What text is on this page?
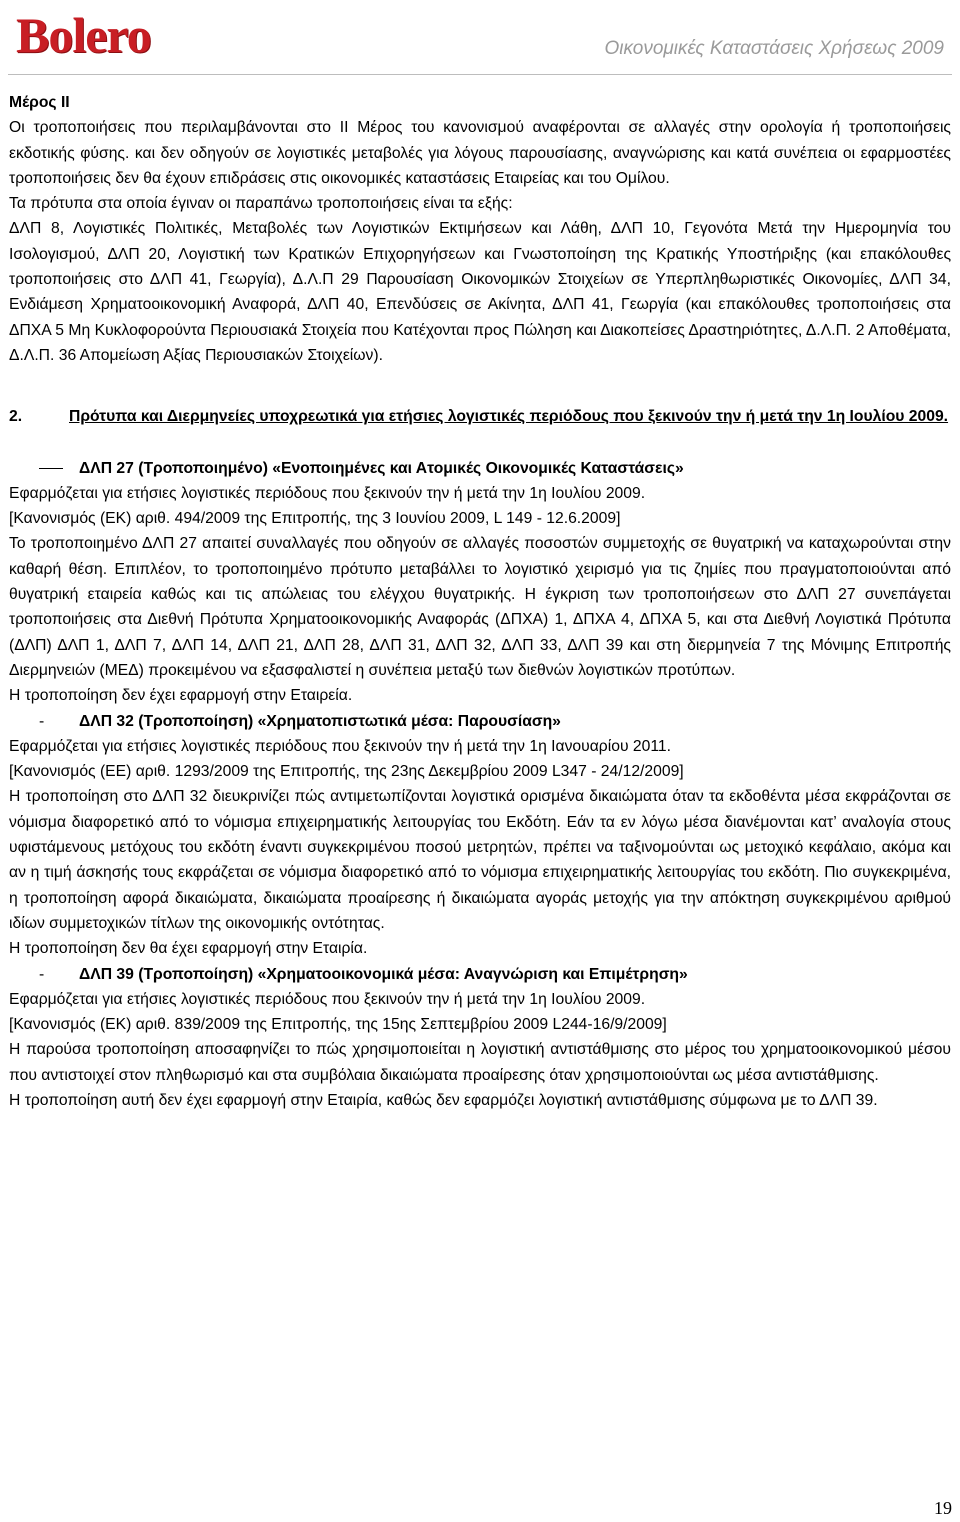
Bolero	Οικονομικές Καταστάσεις Χρήσεως 2009

Μέρος ΙΙ

Οι τροποποιήσεις που περιλαμβάνονται στο ΙΙ Μέρος του κανονισμού αναφέρονται σε αλλαγές στην ορολογία ή τροποποιήσεις εκδοτικής φύσης. και δεν οδηγούν σε λογιστικές μεταβολές για λόγους παρουσίασης, αναγνώρισης και κατά συνέπεια οι εφαρμοστέες τροποποιήσεις δεν θα έχουν επιδράσεις στις οικονομικές καταστάσεις Εταιρείας και του Ομίλου.

Τα πρότυπα στα οποία έγιναν οι παραπάνω τροποποιήσεις είναι τα εξής:

ΔΛΠ 8, Λογιστικές Πολιτικές, Μεταβολές των Λογιστικών Εκτιμήσεων και Λάθη, ΔΛΠ 10, Γεγονότα Μετά την Ημερομηνία του Ισολογισμού, ΔΛΠ 20, Λογιστική των Κρατικών Επιχορηγήσεων και Γνωστοποίηση της Κρατικής Υποστήριξης (και επακόλουθες τροποποιήσεις στο ΔΛΠ 41, Γεωργία), Δ.Λ.Π 29 Παρουσίαση Οικονομικών Στοιχείων σε Υπερπληθωριστικές Οικονομίες, ΔΛΠ 34, Ενδιάμεση Χρηματοοικονομική Αναφορά, ΔΛΠ 40, Επενδύσεις σε Ακίνητα, ΔΛΠ 41, Γεωργία (και επακόλουθες τροποποιήσεις στα ΔΠΧΑ 5 Μη Κυκλοφορούντα Περιουσιακά Στοιχεία που Κατέχονται προς Πώληση και Διακοπείσες Δραστηριότητες, Δ.Λ.Π. 2 Αποθέματα, Δ.Λ.Π. 36 Απομείωση Αξίας Περιουσιακών Στοιχείων).

2.	Πρότυπα και Διερμηνείες υποχρεωτικά για ετήσιες λογιστικές περιόδους που ξεκινούν την ή μετά την 1η Ιουλίου 2009.

ΔΛΠ 27 (Τροποποιημένο) «Ενοποιημένες και Ατομικές Οικονομικές Καταστάσεις»

Εφαρμόζεται για ετήσιες λογιστικές περιόδους που ξεκινούν την ή μετά την 1η Ιουλίου 2009.

[Κανονισμός (ΕΚ) αριθ. 494/2009 της Επιτροπής, της 3 Ιουνίου 2009, L 149 - 12.6.2009]

Το τροποποιημένο ΔΛΠ 27 απαιτεί συναλλαγές που οδηγούν σε αλλαγές ποσοστών συμμετοχής σε θυγατρική να καταχωρούνται στην καθαρή θέση. Επιπλέον, το τροποποιημένο πρότυπο μεταβάλλει το λογιστικό χειρισμό για τις ζημίες που πραγματοποιούνται από θυγατρική εταιρεία καθώς και τις απώλειας του ελέγχου θυγατρικής. Η έγκριση των τροποποιήσεων στο ΔΛΠ 27 συνεπάγεται τροποποιήσεις στα Διεθνή Πρότυπα Χρηματοοικονομικής Αναφοράς (ΔΠΧΑ) 1, ΔΠΧΑ 4, ΔΠΧΑ 5, και στα Διεθνή Λογιστικά Πρότυπα (ΔΛΠ) ΔΛΠ 1, ΔΛΠ 7, ΔΛΠ 14, ΔΛΠ 21, ΔΛΠ 28, ΔΛΠ 31, ΔΛΠ 32, ΔΛΠ 33, ΔΛΠ 39 και στη διερμηνεία 7 της Μόνιμης Επιτροπής Διερμηνειών (ΜΕΔ) προκειμένου να εξασφαλιστεί η συνέπεια μεταξύ των διεθνών λογιστικών προτύπων.

Η τροποποίηση δεν έχει εφαρμογή στην Εταιρεία.

- ΔΛΠ 32 (Τροποποίηση) «Χρηματοπιστωτικά μέσα: Παρουσίαση»

Εφαρμόζεται για ετήσιες λογιστικές περιόδους που ξεκινούν την ή μετά την 1η Ιανουαρίου 2011.

[Κανονισμός (ΕΕ) αριθ. 1293/2009 της Επιτροπής, της 23ης Δεκεμβρίου 2009 L347 - 24/12/2009]

Η τροποποίηση στο ΔΛΠ 32 διευκρινίζει πώς αντιμετωπίζονται λογιστικά ορισμένα δικαιώματα όταν τα εκδοθέντα μέσα εκφράζονται σε νόμισμα διαφορετικό από το νόμισμα επιχειρηματικής λειτουργίας του Εκδότη. Εάν τα εν λόγω μέσα διανέμονται κατ’ αναλογία στους υφιστάμενους μετόχους του εκδότη έναντι συγκεκριμένου ποσού μετρητών, πρέπει να ταξινομούνται ως μετοχικό κεφάλαιο, ακόμα και αν η τιμή άσκησής τους εκφράζεται σε νόμισμα διαφορετικό από το νόμισμα επιχειρηματικής λειτουργίας του εκδότη. Πιο συγκεκριμένα, η τροποποίηση αφορά δικαιώματα, δικαιώματα προαίρεσης ή δικαιώματα αγοράς μετοχής για την απόκτηση συγκεκριμένου αριθμού ιδίων συμμετοχικών τίτλων της οικονομικής οντότητας.

Η τροποποίηση δεν θα έχει εφαρμογή στην Εταιρία.

- ΔΛΠ 39 (Τροποποίηση) «Χρηματοοικονομικά μέσα: Αναγνώριση και Επιμέτρηση»

Εφαρμόζεται για ετήσιες λογιστικές περιόδους που ξεκινούν την ή μετά την 1η Ιουλίου 2009.

[Κανονισμός (ΕΚ) αριθ. 839/2009 της Επιτροπής, της 15ης Σεπτεμβρίου 2009 L244-16/9/2009]

Η παρούσα τροποποίηση αποσαφηνίζει το πώς χρησιμοποιείται η λογιστική αντιστάθμισης στο μέρος του χρηματοοικονομικού μέσου που αντιστοιχεί στον πληθωρισμό και στα συμβόλαια δικαιώματα προαίρεσης όταν χρησιμοποιούνται ως μέσα αντιστάθμισης.

Η τροποποίηση αυτή δεν έχει εφαρμογή στην Εταιρία, καθώς δεν εφαρμόζει λογιστική αντιστάθμισης σύμφωνα με το ΔΛΠ 39.

19
